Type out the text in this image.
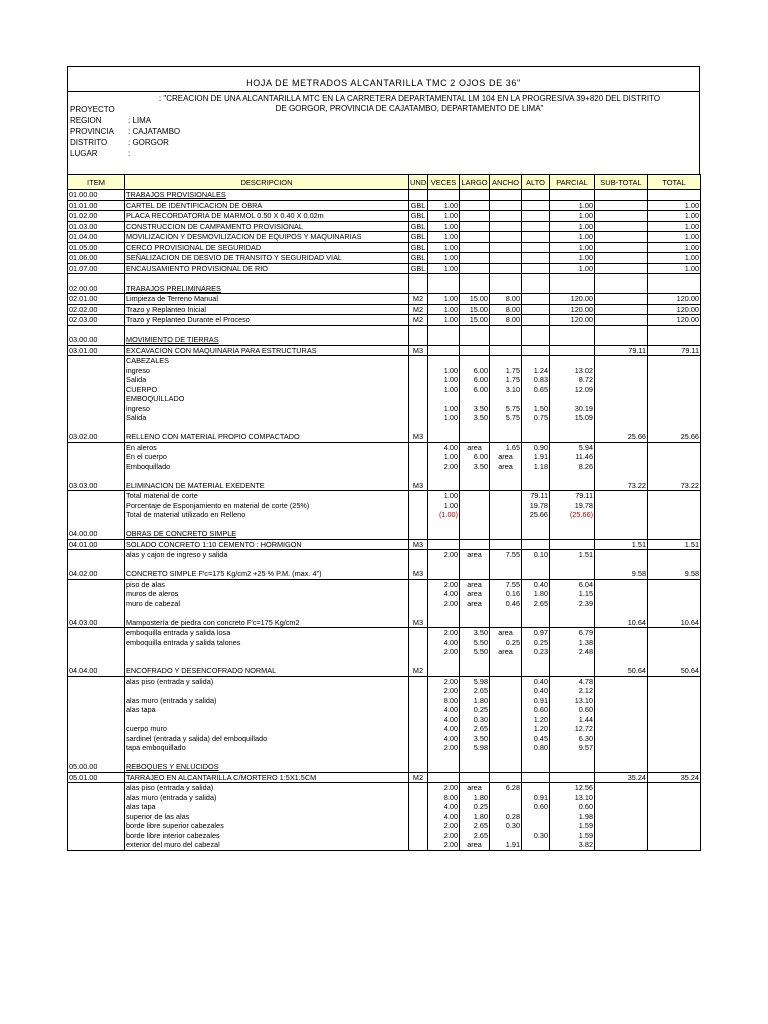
HOJA DE METRADOS ALCANTARILLA TMC 2 OJOS DE 36"
: "CREACION DE UNA ALCANTARILLA MTC EN LA CARRETERA DEPARTAMENTAL LM 104 EN LA PROGRESIVA 39+820 DEL DISTRITO
DE GORGOR, PROVINCIA DE CAJATAMBO, DEPARTAMENTO DE LIMA"
PROYECTO
REGION	: LIMA
PROVINCIA : CAJATAMBO
DISTRITO	: GORGOR
LUGAR	:
ITEM	DESCRIPCION	UND	VECES	LARGO	ANCHO	ALTO	PARCIAL	SUB-TOTAL	TOTAL
01.00.00	TRABAJOS PROVISIONALES								
01.01.00	CARTEL DE IDENTIFICACION DE OBRA	GBL	1.00				1.00		1.00
01.02.00	PLACA RECORDATORIA DE MARMOL 0.50 X 0.40 X 0.02m	GBL	1.00				1.00		1.00
01.03.00	CONSTRUCCION DE CAMPAMENTO PROVISIONAL	GBL	1.00				1.00		1.00
01.04.00	MOVILIZACION Y DESMOVILIZACION DE EQUIPOS Y MAQUINARIAS	GBL	1.00				1.00		1.00
01.05.00	CERCO PROVISIONAL DE SEGURIDAD	GBL	1.00				1.00		1.00
01.06.00	SEÑALIZACION DE DESVIO DE TRANSITO Y SEGURIDAD VIAL	GBL	1.00				1.00		1.00
01.07.00	ENCAUSAMIENTO PROVISIONAL DE RIO	GBL	1.00				1.00		1.00

02.00.00	TRABAJOS PRELIMINARES								
02.01.00	Limpieza de Terreno Manual	M2	1.00	15.00	8.00		120.00		120.00
02.02.00	Trazo y Replanteo Inicial	M2	1.00	15.00	8.00		120.00		120.00
02.03.00	Trazo y Replanteo Durante el Proceso	M2	1.00	15.00	8.00		120.00		120.00

03.00.00	MOVIMIENTO DE TIERRAS								
03.01.00	EXCAVACION CON MAQUINARIA PARA ESTRUCTURAS	M3						79.11	79.11
	CABEZALES								
	ingreso		1.00	6.00	1.75	1.24	13.02		
	Salida		1.00	6.00	1.75	0.83	8.72		
	CUERPO		1.00	6.00	3.10	0.65	12.09		
	EMBOQUILLADO								
	ingreso		1.00	3.50	5.75	1.50	30.19		
	Salida		1.00	3.50	5.75	0.75	15.09		

03.02.00	RELLENO CON MATERIAL PROPIO COMPACTADO	M3						25.66	25.66
	En aleros		4.00	area	1.65	0.90	5.94		
	En el cuerpo		1.00	6.00	area	1.91	11.46		
	Emboquillado		2.00	3.50	area	1.18	8.26		

03.03.00	ELIMINACION DE MATERIAL EXEDENTE	M3						73.22	73.22
	Total material de corte		1.00			79.11	79.11		
	Porcentaje de Esponjamiento en material de corte (25%)		1.00			19.78	19.78		
	Total de material utilizado en Relleno		(1.00)			25.66	(25.66)		

04.00.00	OBRAS DE CONCRETO SIMPLE								
04.01.00	SOLADO CONCRETO 1:10 CEMENTO : HORMIGON	M3						1.51	1.51
	alas y cajon de ingreso y salida		2.00	area	7.55	0.10	1.51		

04.02.00	CONCRETO SIMPLE F'c=175 Kg/cm2 +25 % P.M. (max. 4")	M3						9.58	9.58
	piso de alas		2.00	area	7.55	0.40	6.04		
	muros de aleros		4.00	area	0.16	1.80	1.15		
	muro de cabezal		2.00	area	0.46	2.65	2.39		

04.03.00	Mampostería de piedra con concreto F'c=175 Kg/cm2	M3						10.64	10.64
	emboquilla entrada y salida losa		2.00	3.50	area	0.97	6.79		
	emboquilla entrada y salida talones		4.00	5.50	0.25	0.25	1.38		
			2.00	5.50	area	0.23	2.48		

04.04.00	ENCOFRADO Y DESENCOFRADO NORMAL	M2						50.64	50.64
	alas piso (entrada y salida)		2.00	5.98		0.40	4.78		
			2.00	2.65		0.40	2.12		
	alas muro (entrada y salida)		8.00	1.80		0.91	13.10		
	alas tapa		4.00	0.25		0.60	0.60		
			4.00	0.30		1.20	1.44		
	cuerpo muro		4.00	2.65		1.20	12.72		
	sardinel (entrada y salida) del emboquillado		4.00	3.50		0.45	6.30		
	tapa emboquillado		2.00	5.98		0.80	9.57		

05.00.00	REBOQUES Y ENLUCIDOS								
05.01.00	TARRAJEO EN ALCANTARILLA C/MORTERO 1:5X1.5CM	M2						35.24	35.24
	alas piso (entrada y salida)		2.00	area	6.28		12.56		
	alas muro (entrada y salida)		8.00	1.80		0.91	13.10		
	alas tapa		4.00	0.25		0.60	0.60		
	superior de las alas		4.00	1.80	0.28		1.98		
	borde libre superior cabezales		2.00	2.65	0.30		1.59		
	borde libre interior cabezales		2.00	2.65		0.30	1.59		
	exterior del muro del cabezal		2.00	area	1.91		3.82		
